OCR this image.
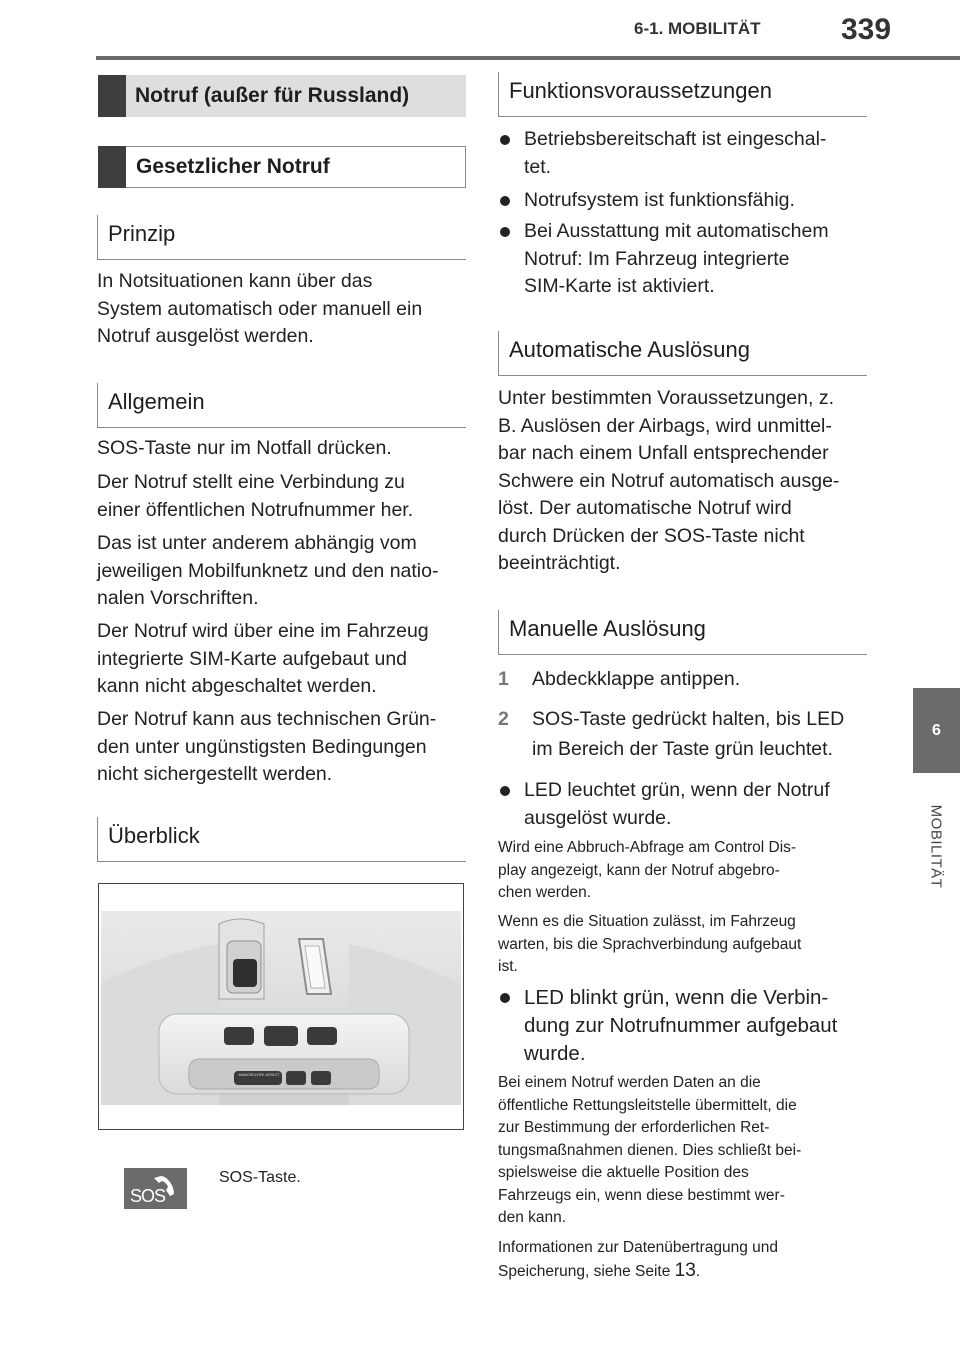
6-1. MOBILITÄT	339
6
MOBILITÄT
Notruf (außer für Russland)
Gesetzlicher Notruf
Prinzip
In Notsituationen kann über das
System automatisch oder manuell ein
Notruf ausgelöst werden.
Allgemein
SOS-Taste nur im Notfall drücken.
Der Notruf stellt eine Verbindung zu
einer öffentlichen Notrufnummer her.
Das ist unter anderem abhängig vom
jeweiligen Mobilfunknetz und den natio-
nalen Vorschriften.
Der Notruf wird über eine im Fahrzeug
integrierte SIM-Karte aufgebaut und
kann nicht abgeschaltet werden.
Der Notruf kann aus technischen Grün-
den unter ungünstigsten Bedingungen
nicht sichergestellt werden.
Überblick
MANOEUVRE ASSIST
SOS
SOS-Taste.
Funktionsvoraussetzungen
Betriebsbereitschaft ist eingeschal-
tet.
Notrufsystem ist funktionsfähig.
Bei Ausstattung mit automatischem
Notruf: Im Fahrzeug integrierte
SIM-Karte ist aktiviert.
Automatische Auslösung
Unter bestimmten Voraussetzungen, z.
B. Auslösen der Airbags, wird unmittel-
bar nach einem Unfall entsprechender
Schwere ein Notruf automatisch ausge-
löst. Der automatische Notruf wird
durch Drücken der SOS-Taste nicht
beeinträchtigt.
Manuelle Auslösung
1 Abdeckklappe antippen.
2 SOS-Taste gedrückt halten, bis LED
im Bereich der Taste grün leuchtet.
LED leuchtet grün, wenn der Notruf
ausgelöst wurde.
Wird eine Abbruch-Abfrage am Control Dis-
play angezeigt, kann der Notruf abgebro-
chen werden.
Wenn es die Situation zulässt, im Fahrzeug
warten, bis die Sprachverbindung aufgebaut
ist.
LED blinkt grün, wenn die Verbin-
dung zur Notrufnummer aufgebaut
wurde.
Bei einem Notruf werden Daten an die
öffentliche Rettungsleitstelle übermittelt, die
zur Bestimmung der erforderlichen Ret-
tungsmaßnahmen dienen. Dies schließt bei-
spielsweise die aktuelle Position des
Fahrzeugs ein, wenn diese bestimmt wer-
den kann.
Informationen zur Datenübertragung und
Speicherung, siehe Seite 13.
